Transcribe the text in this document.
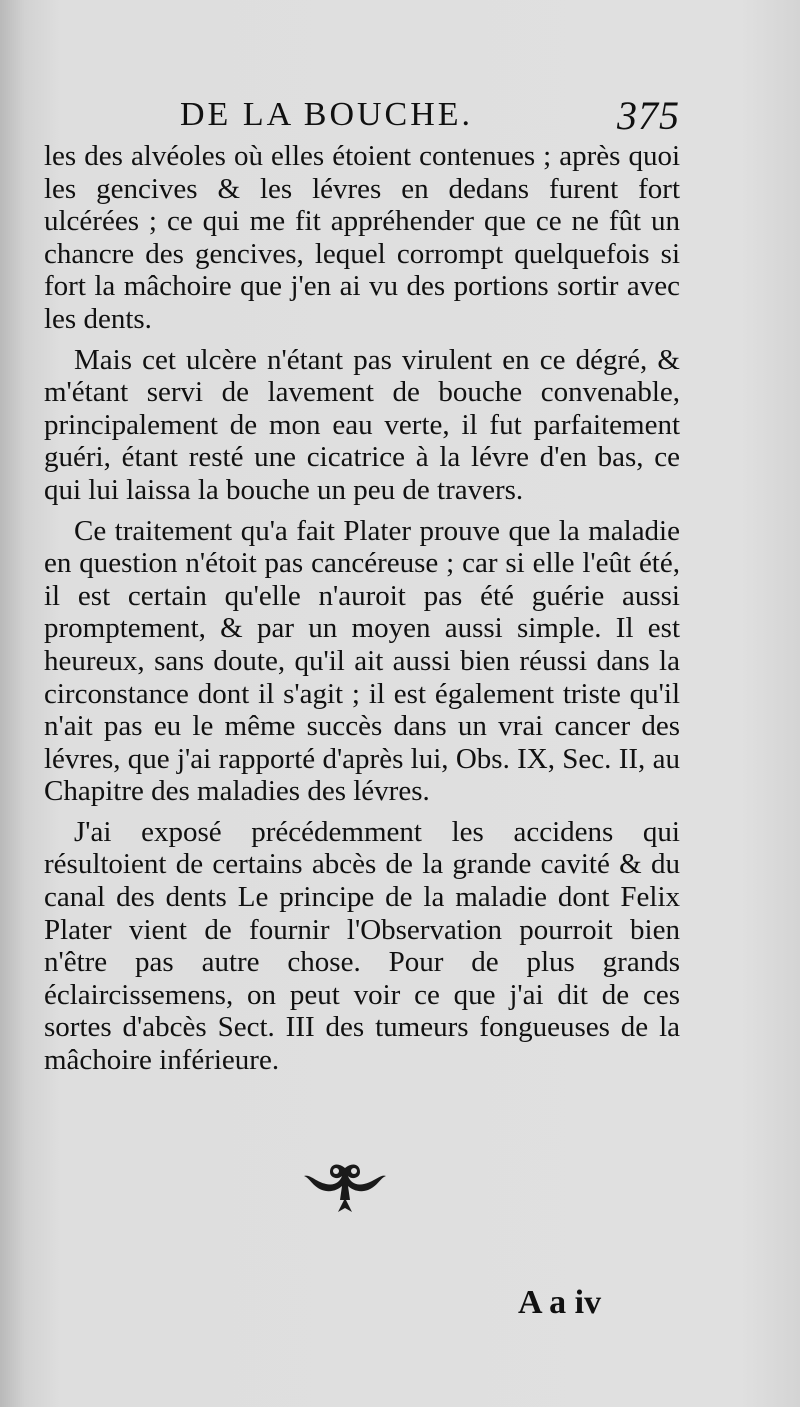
DE LA BOUCHE.	375

les des alvéoles où elles étoient contenues ; après quoi les gencives & les lévres en dedans furent fort ulcérées ; ce qui me fit appréhender que ce ne fût un chancre des gencives, lequel corrompt quelquefois si fort la mâchoire que j'en ai vu des portions sortir avec les dents.

Mais cet ulcère n'étant pas virulent en ce dégré, & m'étant servi de lavement de bouche convenable, principalement de mon eau verte, il fut parfaitement guéri, étant resté une cicatrice à la lévre d'en bas, ce qui lui laissa la bouche un peu de travers.

Ce traitement qu'a fait Plater prouve que la maladie en question n'étoit pas cancéreuse ; car si elle l'eût été, il est certain qu'elle n'auroit pas été guérie aussi promptement, & par un moyen aussi simple. Il est heureux, sans doute, qu'il ait aussi bien réussi dans la circonstance dont il s'agit ; il est également triste qu'il n'ait pas eu le même succès dans un vrai cancer des lévres, que j'ai rapporté d'après lui, Obs. IX, Sec. II, au Chapitre des maladies des lévres.

J'ai exposé précédemment les accidens qui résultoient de certains abcès de la grande cavité & du canal des dents Le principe de la maladie dont Felix Plater vient de fournir l'Observation pourroit bien n'être pas autre chose. Pour de plus grands éclaircissemens, on peut voir ce que j'ai dit de ces sortes d'abcès Sect. III des tumeurs fongueuses de la mâchoire inférieure.

A a iv
